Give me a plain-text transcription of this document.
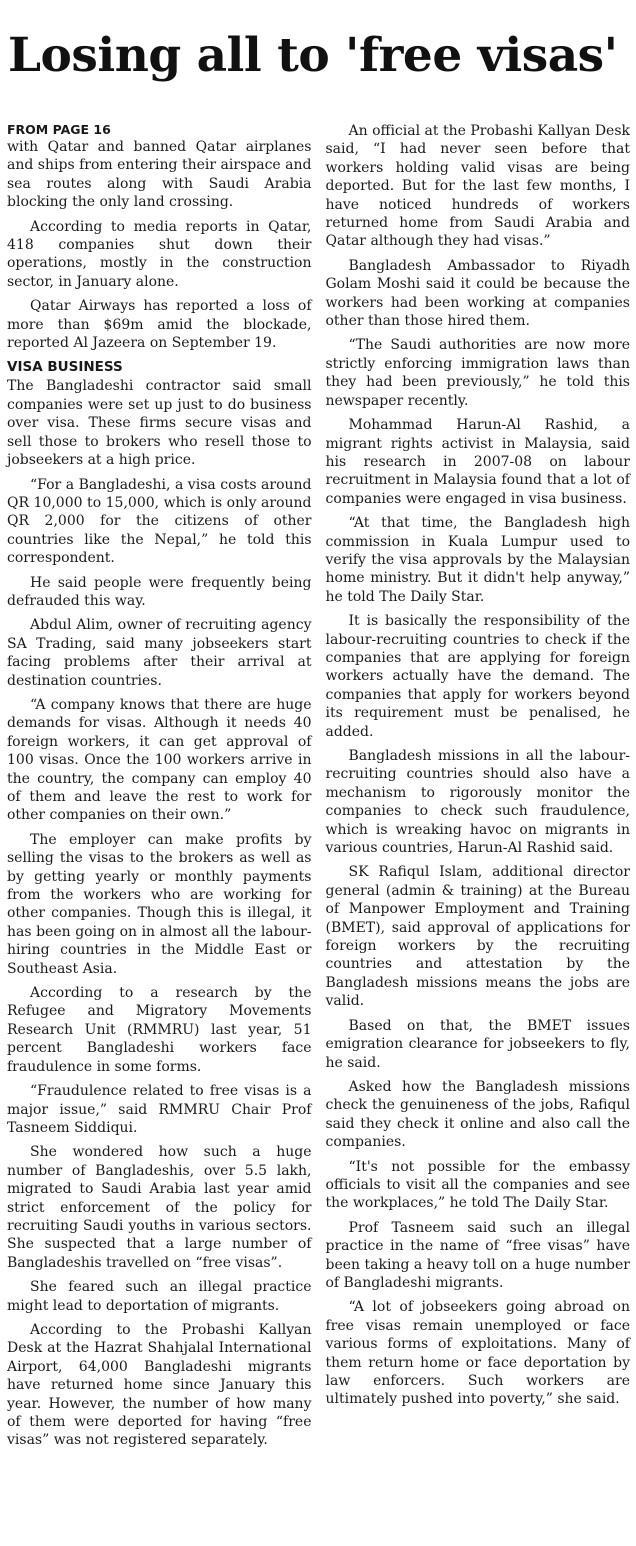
Losing all to 'free visas'
FROM PAGE 16

with Qatar and banned Qatar airplanes and ships from entering their airspace and sea routes along with Saudi Arabia blocking the only land crossing.

According to media reports in Qatar, 418 companies shut down their operations, mostly in the construction sector, in January alone.

Qatar Airways has reported a loss of more than $69m amid the blockade, reported Al Jazeera on September 19.

VISA BUSINESS

The Bangladeshi contractor said small companies were set up just to do business over visa. These firms secure visas and sell those to brokers who resell those to jobseekers at a high price.

“For a Bangladeshi, a visa costs around QR 10,000 to 15,000, which is only around QR 2,000 for the citizens of other countries like the Nepal,” he told this correspondent.

He said people were frequently being defrauded this way.

Abdul Alim, owner of recruiting agency SA Trading, said many jobseekers start facing problems after their arrival at destination countries.

“A company knows that there are huge demands for visas. Although it needs 40 foreign workers, it can get approval of 100 visas. Once the 100 workers arrive in the country, the company can employ 40 of them and leave the rest to work for other companies on their own.”

The employer can make profits by selling the visas to the brokers as well as by getting yearly or monthly payments from the workers who are working for other companies. Though this is illegal, it has been going on in almost all the labour-hiring countries in the Middle East or Southeast Asia.

According to a research by the Refugee and Migratory Movements Research Unit (RMMRU) last year, 51 percent Bangladeshi workers face fraudulence in some forms.

“Fraudulence related to free visas is a major issue,” said RMMRU Chair Prof Tasneem Siddiqui.

She wondered how such a huge number of Bangladeshis, over 5.5 lakh, migrated to Saudi Arabia last year amid strict enforcement of the policy for recruiting Saudi youths in various sectors. She suspected that a large number of Bangladeshis travelled on “free visas”.

She feared such an illegal practice might lead to deportation of migrants.

According to the Probashi Kallyan Desk at the Hazrat Shahjalal International Airport, 64,000 Bangladeshi migrants have returned home since January this year. However, the number of how many of them were deported for having “free visas” was not registered separately.

An official at the Probashi Kallyan Desk said, “I had never seen before that workers holding valid visas are being deported. But for the last few months, I have noticed hundreds of workers returned home from Saudi Arabia and Qatar although they had visas.”

Bangladesh Ambassador to Riyadh Golam Moshi said it could be because the workers had been working at companies other than those hired them.

“The Saudi authorities are now more strictly enforcing immigration laws than they had been previously,” he told this newspaper recently.

Mohammad Harun-Al Rashid, a migrant rights activist in Malaysia, said his research in 2007-08 on labour recruitment in Malaysia found that a lot of companies were engaged in visa business.

“At that time, the Bangladesh high commission in Kuala Lumpur used to verify the visa approvals by the Malaysian home ministry. But it didn't help anyway,” he told The Daily Star.

It is basically the responsibility of the labour-recruiting countries to check if the companies that are applying for foreign workers actually have the demand. The companies that apply for workers beyond its requirement must be penalised, he added.

Bangladesh missions in all the labour-recruiting countries should also have a mechanism to rigorously monitor the companies to check such fraudulence, which is wreaking havoc on migrants in various countries, Harun-Al Rashid said.

SK Rafiqul Islam, additional director general (admin & training) at the Bureau of Manpower Employment and Training (BMET), said approval of applications for foreign workers by the recruiting countries and attestation by the Bangladesh missions means the jobs are valid.

Based on that, the BMET issues emigration clearance for jobseekers to fly, he said.

Asked how the Bangladesh missions check the genuineness of the jobs, Rafiqul said they check it online and also call the companies.

“It's not possible for the embassy officials to visit all the companies and see the workplaces,” he told The Daily Star.

Prof Tasneem said such an illegal practice in the name of “free visas” have been taking a heavy toll on a huge number of Bangladeshi migrants.

“A lot of jobseekers going abroad on free visas remain unemployed or face various forms of exploitations. Many of them return home or face deportation by law enforcers. Such workers are ultimately pushed into poverty,” she said.
